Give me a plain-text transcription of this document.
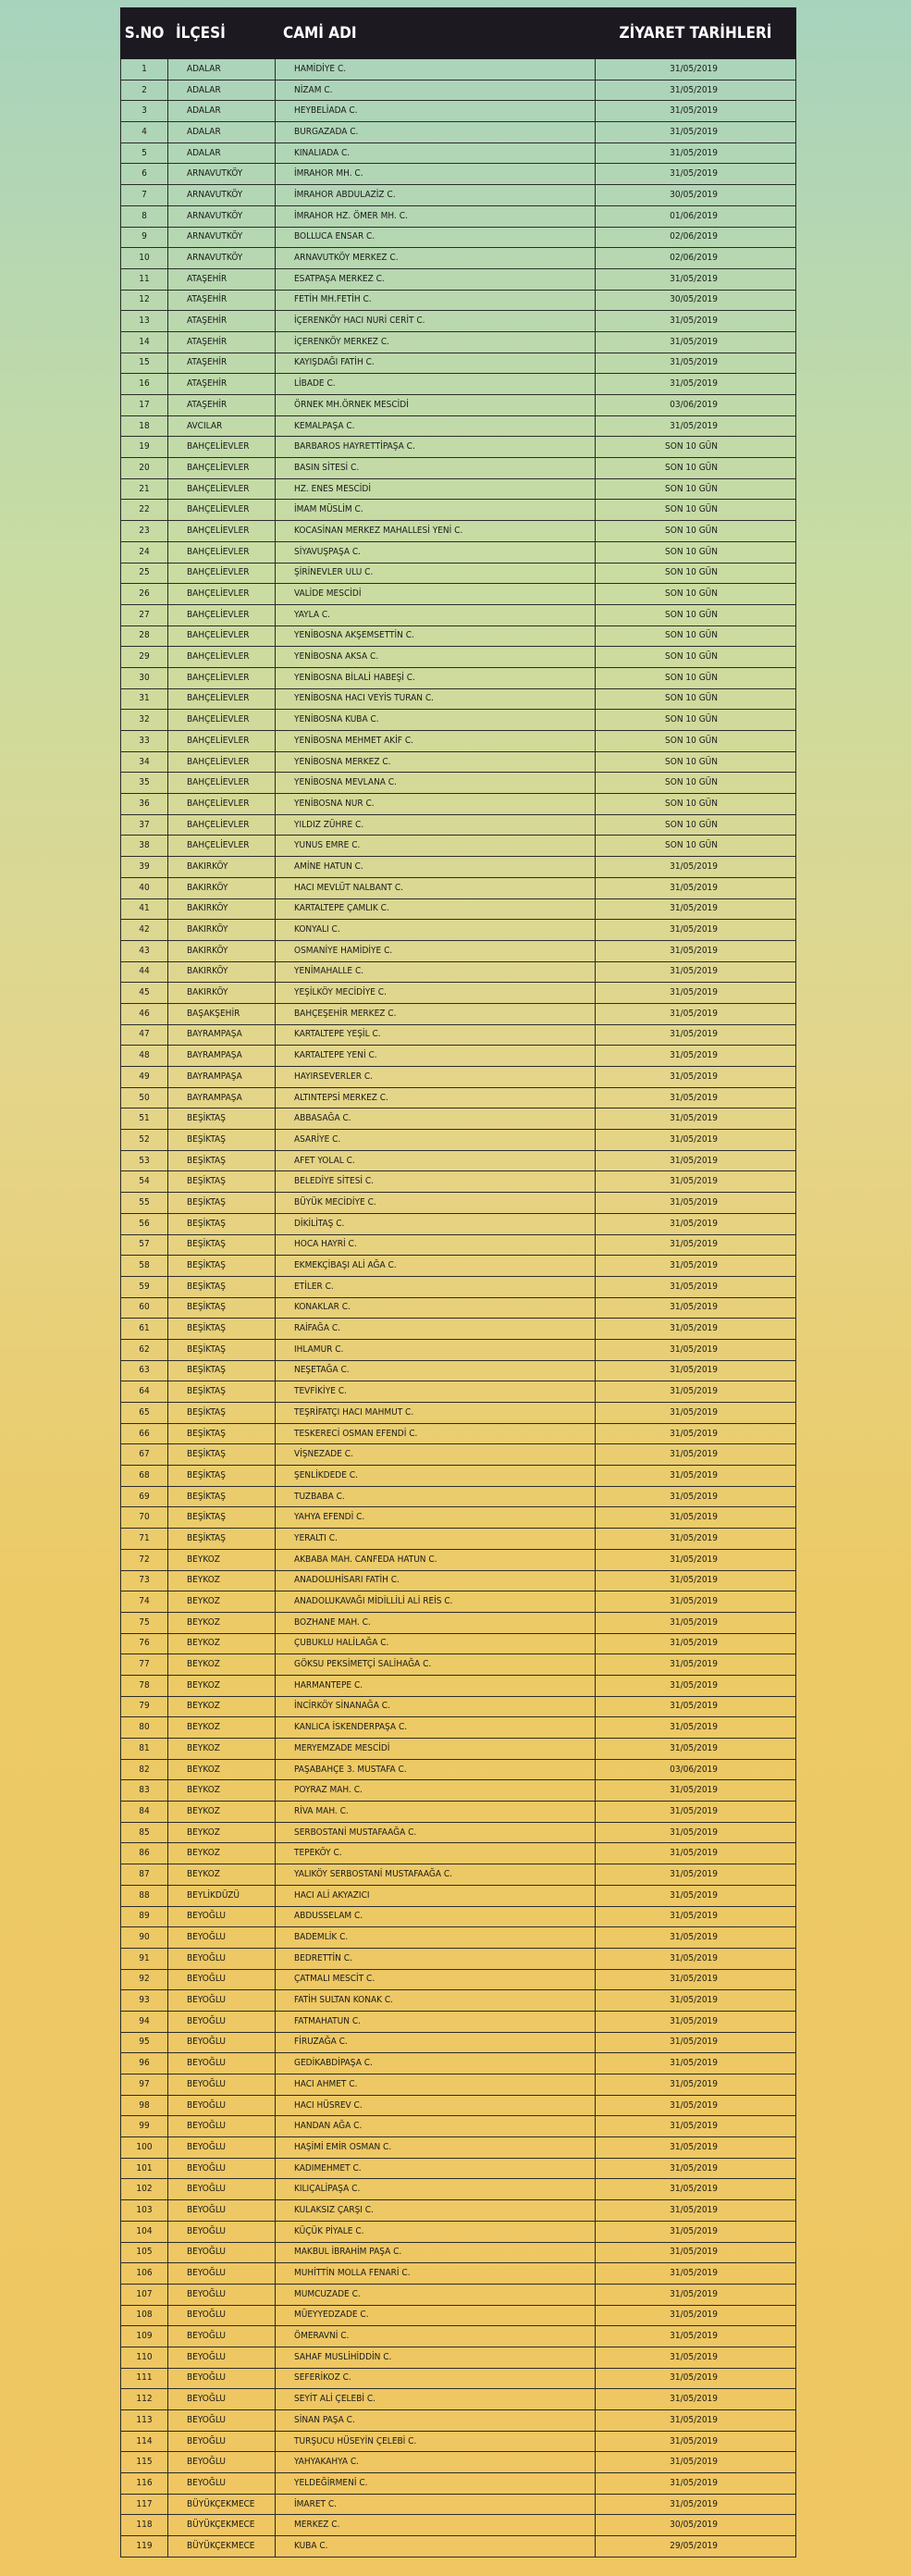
S.NO	İLÇESİ	CAMİ ADI	ZİYARET TARİHLERİ
1	ADALAR	HAMİDİYE C.	31/05/2019
2	ADALAR	NİZAM C.	31/05/2019
3	ADALAR	HEYBELİADA C.	31/05/2019
4	ADALAR	BURGAZADA C.	31/05/2019
5	ADALAR	KINALIADA C.	31/05/2019
6	ARNAVUTKÖY	İMRAHOR MH. C.	31/05/2019
7	ARNAVUTKÖY	İMRAHOR ABDULAZİZ C.	30/05/2019
8	ARNAVUTKÖY	İMRAHOR HZ. ÖMER MH. C.	01/06/2019
9	ARNAVUTKÖY	BOLLUCA ENSAR C.	02/06/2019
10	ARNAVUTKÖY	ARNAVUTKÖY MERKEZ C.	02/06/2019
11	ATAŞEHİR	ESATPAŞA MERKEZ C.	31/05/2019
12	ATAŞEHİR	FETİH MH.FETİH C.	30/05/2019
13	ATAŞEHİR	İÇERENKÖY HACI NURİ CERİT C.	31/05/2019
14	ATAŞEHİR	İÇERENKÖY MERKEZ C.	31/05/2019
15	ATAŞEHİR	KAYIŞDAĞI FATİH C.	31/05/2019
16	ATAŞEHİR	LİBADE C.	31/05/2019
17	ATAŞEHİR	ÖRNEK MH.ÖRNEK MESCİDİ	03/06/2019
18	AVCILAR	KEMALPAŞA C.	31/05/2019
19	BAHÇELİEVLER	BARBAROS HAYRETTİPAŞA C.	SON 10 GÜN
20	BAHÇELİEVLER	BASIN SİTESİ C.	SON 10 GÜN
21	BAHÇELİEVLER	HZ. ENES MESCİDİ	SON 10 GÜN
22	BAHÇELİEVLER	İMAM MÜSLİM C.	SON 10 GÜN
23	BAHÇELİEVLER	KOCASİNAN MERKEZ MAHALLESİ YENİ C.	SON 10 GÜN
24	BAHÇELİEVLER	SİYAVUŞPAŞA C.	SON 10 GÜN
25	BAHÇELİEVLER	ŞİRİNEVLER ULU C.	SON 10 GÜN
26	BAHÇELİEVLER	VALİDE MESCİDİ	SON 10 GÜN
27	BAHÇELİEVLER	YAYLA C.	SON 10 GÜN
28	BAHÇELİEVLER	YENİBOSNA AKŞEMSETTİN C.	SON 10 GÜN
29	BAHÇELİEVLER	YENİBOSNA AKSA C.	SON 10 GÜN
30	BAHÇELİEVLER	YENİBOSNA BİLALİ HABEŞİ C.	SON 10 GÜN
31	BAHÇELİEVLER	YENİBOSNA HACI VEYİS TURAN C.	SON 10 GÜN
32	BAHÇELİEVLER	YENİBOSNA KUBA C.	SON 10 GÜN
33	BAHÇELİEVLER	YENİBOSNA MEHMET AKİF C.	SON 10 GÜN
34	BAHÇELİEVLER	YENİBOSNA MERKEZ C.	SON 10 GÜN
35	BAHÇELİEVLER	YENİBOSNA MEVLANA C.	SON 10 GÜN
36	BAHÇELİEVLER	YENİBOSNA NUR C.	SON 10 GÜN
37	BAHÇELİEVLER	YILDIZ ZÜHRE C.	SON 10 GÜN
38	BAHÇELİEVLER	YUNUS EMRE C.	SON 10 GÜN
39	BAKIRKÖY	AMİNE HATUN C.	31/05/2019
40	BAKIRKÖY	HACI MEVLÜT NALBANT C.	31/05/2019
41	BAKIRKÖY	KARTALTEPE ÇAMLIK C.	31/05/2019
42	BAKIRKÖY	KONYALI C.	31/05/2019
43	BAKIRKÖY	OSMANİYE HAMİDİYE C.	31/05/2019
44	BAKIRKÖY	YENİMAHALLE C.	31/05/2019
45	BAKIRKÖY	YEŞİLKÖY MECİDİYE C.	31/05/2019
46	BAŞAKŞEHİR	BAHÇEŞEHİR MERKEZ C.	31/05/2019
47	BAYRAMPAŞA	KARTALTEPE YEŞİL C.	31/05/2019
48	BAYRAMPAŞA	KARTALTEPE YENİ C.	31/05/2019
49	BAYRAMPAŞA	HAYIRSEVERLER C.	31/05/2019
50	BAYRAMPAŞA	ALTINTEPSİ MERKEZ C.	31/05/2019
51	BEŞİKTAŞ	ABBASAĞA C.	31/05/2019
52	BEŞİKTAŞ	ASARİYE C.	31/05/2019
53	BEŞİKTAŞ	AFET YOLAL C.	31/05/2019
54	BEŞİKTAŞ	BELEDİYE SİTESİ C.	31/05/2019
55	BEŞİKTAŞ	BÜYÜK MECİDİYE C.	31/05/2019
56	BEŞİKTAŞ	DİKİLİTAŞ C.	31/05/2019
57	BEŞİKTAŞ	HOCA HAYRİ C.	31/05/2019
58	BEŞİKTAŞ	EKMEKÇİBAŞI ALİ AĞA C.	31/05/2019
59	BEŞİKTAŞ	ETİLER C.	31/05/2019
60	BEŞİKTAŞ	KONAKLAR C.	31/05/2019
61	BEŞİKTAŞ	RAİFAĞA C.	31/05/2019
62	BEŞİKTAŞ	IHLAMUR C.	31/05/2019
63	BEŞİKTAŞ	NEŞETAĞA C.	31/05/2019
64	BEŞİKTAŞ	TEVFİKİYE C.	31/05/2019
65	BEŞİKTAŞ	TEŞRİFATÇI HACI MAHMUT C.	31/05/2019
66	BEŞİKTAŞ	TESKERECİ OSMAN EFENDİ C.	31/05/2019
67	BEŞİKTAŞ	VİŞNEZADE C.	31/05/2019
68	BEŞİKTAŞ	ŞENLİKDEDE C.	31/05/2019
69	BEŞİKTAŞ	TUZBABA C.	31/05/2019
70	BEŞİKTAŞ	YAHYA EFENDİ C.	31/05/2019
71	BEŞİKTAŞ	YERALTI C.	31/05/2019
72	BEYKOZ	AKBABA MAH. CANFEDA HATUN C.	31/05/2019
73	BEYKOZ	ANADOLUHİSARI FATİH C.	31/05/2019
74	BEYKOZ	ANADOLUKAVAĞI MİDİLLİLİ ALİ REİS C.	31/05/2019
75	BEYKOZ	BOZHANE MAH. C.	31/05/2019
76	BEYKOZ	ÇUBUKLU HALİLAĞA C.	31/05/2019
77	BEYKOZ	GÖKSU PEKSİMETÇİ SALİHAĞA C.	31/05/2019
78	BEYKOZ	HARMANTEPE C.	31/05/2019
79	BEYKOZ	İNCİRKÖY SİNANAĞA C.	31/05/2019
80	BEYKOZ	KANLICA İSKENDERPAŞA C.	31/05/2019
81	BEYKOZ	MERYEMZADE MESCİDİ	31/05/2019
82	BEYKOZ	PAŞABAHÇE 3. MUSTAFA C.	03/06/2019
83	BEYKOZ	POYRAZ MAH. C.	31/05/2019
84	BEYKOZ	RİVA MAH. C.	31/05/2019
85	BEYKOZ	SERBOSTANİ MUSTAFAAĞA C.	31/05/2019
86	BEYKOZ	TEPEKÖY C.	31/05/2019
87	BEYKOZ	YALIKÖY SERBOSTANİ MUSTAFAAĞA C.	31/05/2019
88	BEYLİKDÜZÜ	HACI ALİ AKYAZICI	31/05/2019
89	BEYOĞLU	ABDUSSELAM C.	31/05/2019
90	BEYOĞLU	BADEMLİK C.	31/05/2019
91	BEYOĞLU	BEDRETTİN C.	31/05/2019
92	BEYOĞLU	ÇATMALI MESCİT C.	31/05/2019
93	BEYOĞLU	FATİH SULTAN KONAK C.	31/05/2019
94	BEYOĞLU	FATMAHATUN C.	31/05/2019
95	BEYOĞLU	FİRUZAĞA C.	31/05/2019
96	BEYOĞLU	GEDİKABDİPAŞA C.	31/05/2019
97	BEYOĞLU	HACI AHMET C.	31/05/2019
98	BEYOĞLU	HACI HÜSREV C.	31/05/2019
99	BEYOĞLU	HANDAN AĞA C.	31/05/2019
100	BEYOĞLU	HAŞİMİ EMİR OSMAN C.	31/05/2019
101	BEYOĞLU	KADIMEHMET C.	31/05/2019
102	BEYOĞLU	KILIÇALİPAŞA C.	31/05/2019
103	BEYOĞLU	KULAKSIZ ÇARŞI C.	31/05/2019
104	BEYOĞLU	KÜÇÜK PİYALE C.	31/05/2019
105	BEYOĞLU	MAKBUL İBRAHİM PAŞA C.	31/05/2019
106	BEYOĞLU	MUHİTTİN MOLLA FENARİ C.	31/05/2019
107	BEYOĞLU	MUMCUZADE C.	31/05/2019
108	BEYOĞLU	MÜEYYEDZADE C.	31/05/2019
109	BEYOĞLU	ÖMERAVNİ C.	31/05/2019
110	BEYOĞLU	SAHAF MUSLİHİDDİN C.	31/05/2019
111	BEYOĞLU	SEFERİKOZ C.	31/05/2019
112	BEYOĞLU	SEYİT ALİ ÇELEBİ C.	31/05/2019
113	BEYOĞLU	SİNAN PAŞA C.	31/05/2019
114	BEYOĞLU	TURŞUCU HÜSEYİN ÇELEBİ C.	31/05/2019
115	BEYOĞLU	YAHYAKAHYA C.	31/05/2019
116	BEYOĞLU	YELDEĞİRMENİ C.	31/05/2019
117	BÜYÜKÇEKMECE	İMARET C.	31/05/2019
118	BÜYÜKÇEKMECE	MERKEZ C.	30/05/2019
119	BÜYÜKÇEKMECE	KUBA C.	29/05/2019
